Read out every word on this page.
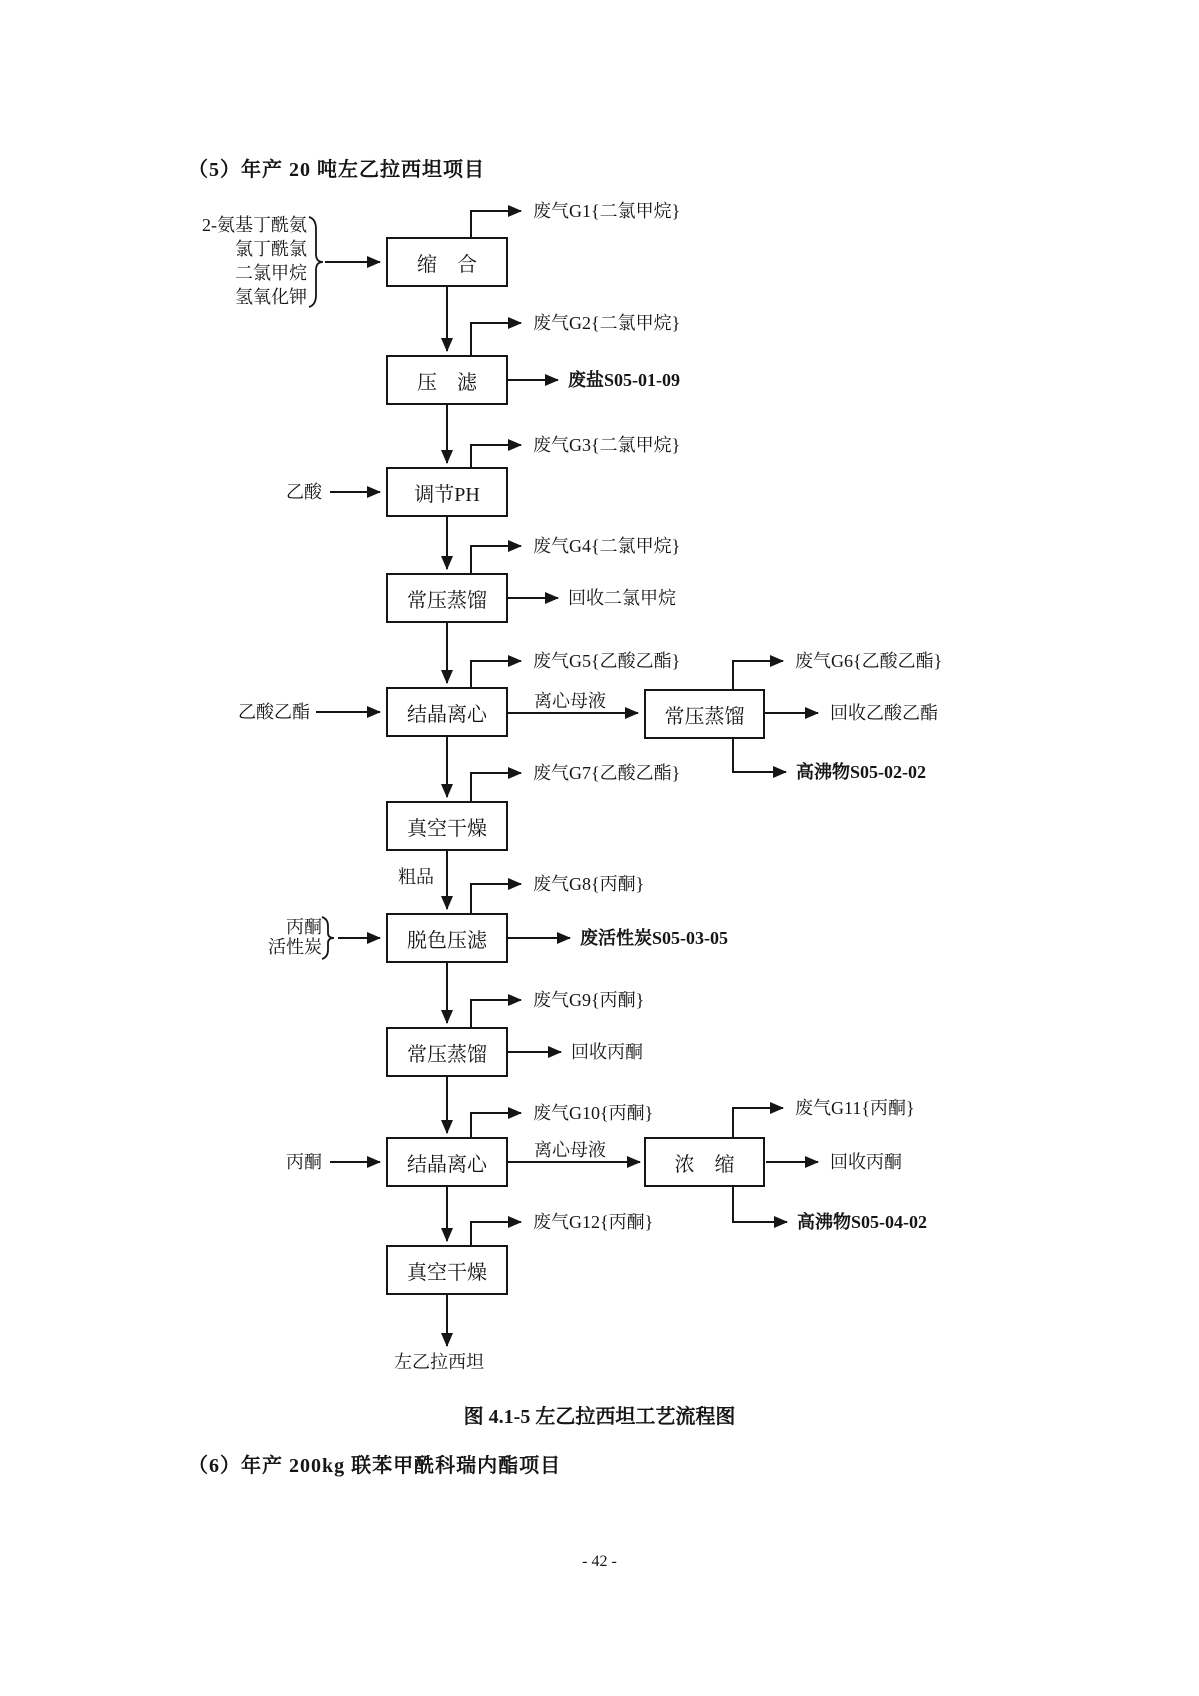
（5）年产 20 吨左乙拉西坦项目
缩　合
压　滤
调节PH
常压蒸馏
结晶离心
真空干燥
脱色压滤
常压蒸馏
结晶离心
真空干燥
常压蒸馏
浓　缩
2-氨基丁酰氨
氯丁酰氯
二氯甲烷
氢氧化钾
乙酸
乙酸乙酯
丙酮
活性炭
丙酮
废气G1{二氯甲烷}
废气G2{二氯甲烷}
废气G3{二氯甲烷}
废气G4{二氯甲烷}
废气G5{乙酸乙酯}	废气G6{乙酸乙酯}
废气G7{乙酸乙酯}
废气G8{丙酮}
废气G9{丙酮}
废气G10{丙酮}	废气G11{丙酮}
废气G12{丙酮}
废盐S05-01-09
回收二氯甲烷
回收乙酸乙酯
高沸物S05-02-02
废活性炭S05-03-05
回收丙酮
回收丙酮
高沸物S05-04-02
离心母液
离心母液
粗品
左乙拉西坦
图 4.1-5 左乙拉西坦工艺流程图
（6）年产 200kg 联苯甲酰科瑞内酯项目
- 42 -
